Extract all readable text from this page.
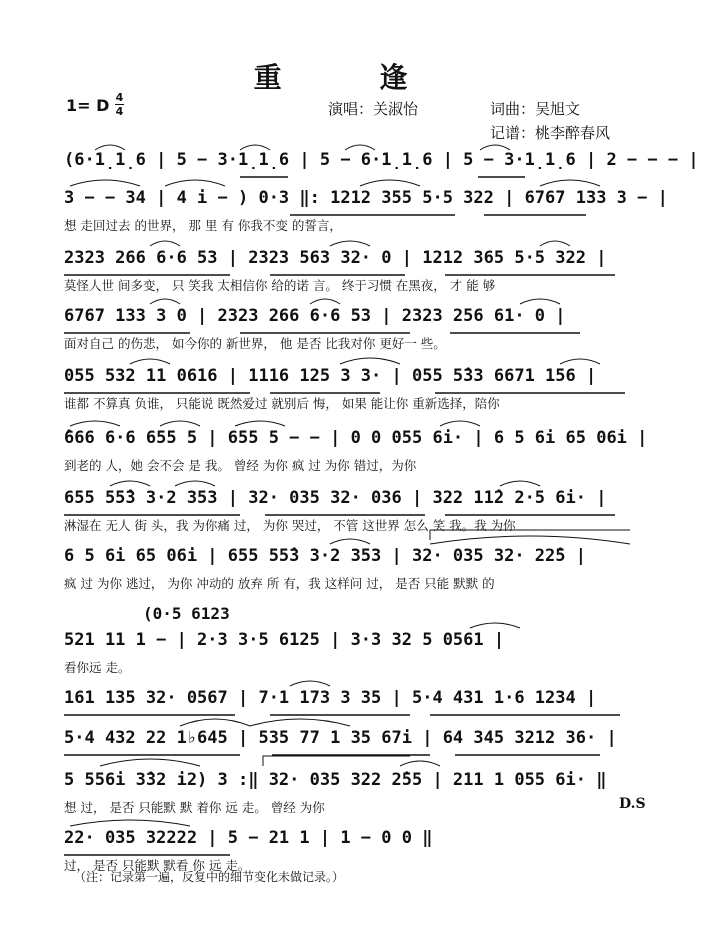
重 逢
1= D 4
4	演唱：关淑怡	词曲：吴旭文
记谱：桃李醉春风
(6·1̣1̣6 | 5 − 3·1̣1̣6 | 5 − 6·1̣1̣6 | 5 − 3·1̣1̣6 | 2 − − − |
3 − − 34 | 4 i − ) 0·3 ‖: 1212 355 5·5 322 | 6767 133 3 − |
想 走回过去 的世界， 那 里 有 你我不变 的誓言，
2323 266 6·6 53 | 2323 563 32· 0 | 1212 365 5·5 322 |
莫怪人世 间多变， 只 笑我 太相信你 给的诺 言。 终于习惯 在黑夜， 才 能 够
6767 133 3 0 | 2323 266 6·6 53 | 2323 256 61· 0 |
面对自己 的伤悲， 如今你的 新世界， 他 是否 比我对你 更好一 些。
055 532 11 0616 | 1116 125 3 3· | 055 5̂33 6671 156 |
谁都 不算真 负谁， 只能说 既然爱过 就别后 悔， 如果 能让你 重新选择，陪你
̂666 6·6 655 5 | 655 5 − − | 0 0 055 6i· | 6 5 6i 65 06i |
到老的 人，她 会不会 是 我。 曾经 为你 疯 过 为你 错过，为你
655 55̂3 3·2 353 | 32· 035 32· 036 | 322 11̂2 2·5 6i· |
淋湿在 无人 街 头，我 为你痛 过， 为你 哭过， 不管 这世界 怎么 笑 我。我 为你
6 5 6i 65 06i | 655 55̂3 3·2 353 | 32· 035 32· 22̂5 |
疯 过 为你 逃过， 为你 冲动的 放弃 所 有，我 这样问 过， 是否 只能 默默 的
521 11 1 − | 2·3 3·5 6125 | 3·3 32 5 0561 |
看你远 走。
161 135 32· 0567 | 7·1 173 3 35 | 5·4 431 1·6 1234 |
5·4 432 22 1♭645 | 535 77 1 35 67i | 64 345 3212 36· |
5 556i 3̂32 i2) 3 :‖ 32· 035 322 2̂55 | 211 1 055 6i· ‖
想 过， 是否 只能默 默 着你 远 走。 曾经 为你
22· 035 32222 | 5 − 21 1 | 1 − 0 0 ‖
过， 是否 只能默 默看 你 远 走。
(0·5 6123
D.S
（注：记录第一遍，反复中的细节变化未做记录。）
